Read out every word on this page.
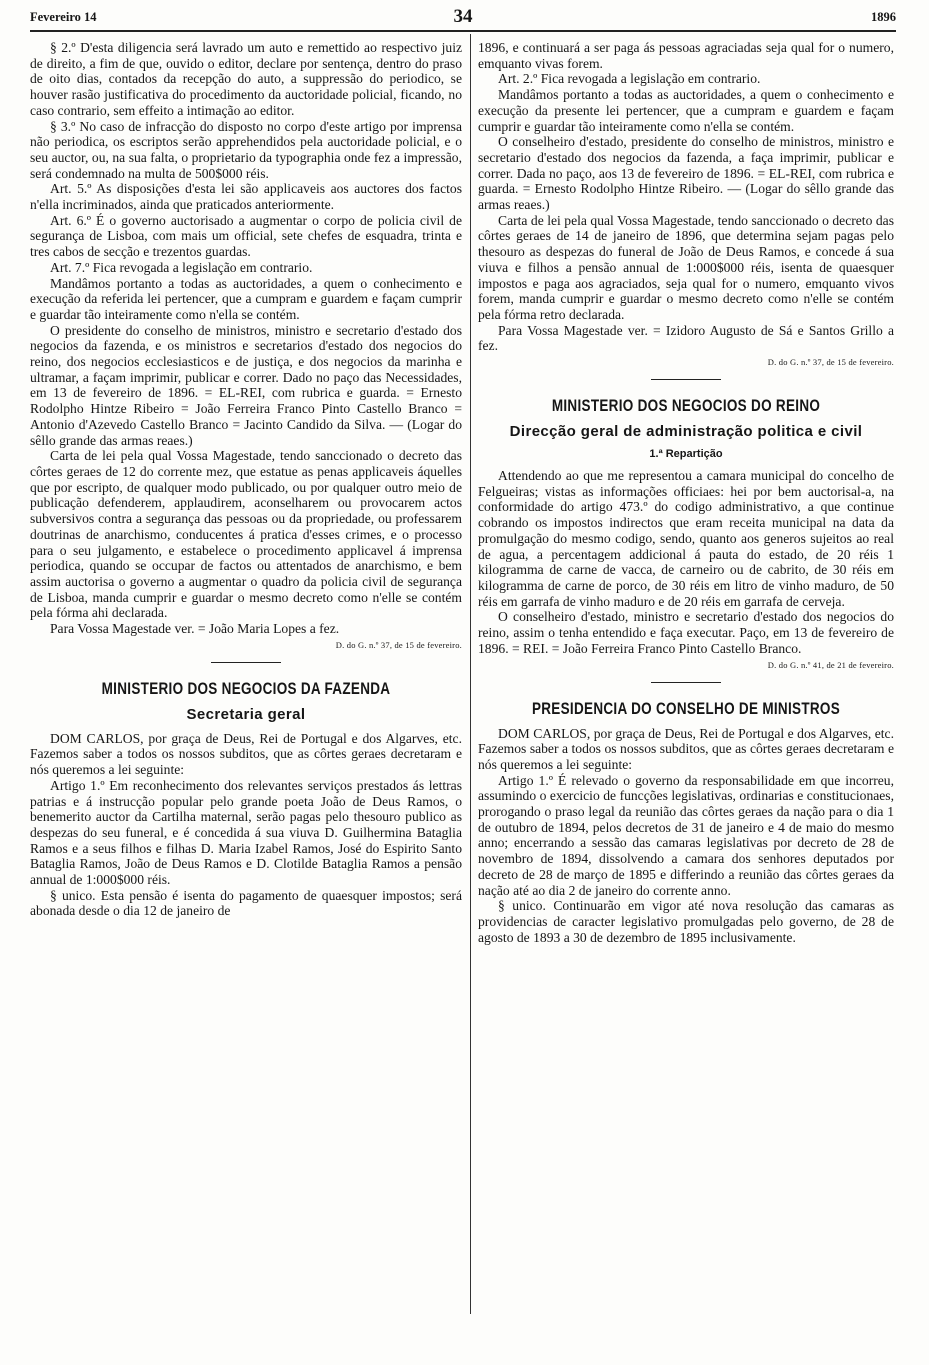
Fevereiro 14	34	1896

§ 2.º D'esta diligencia será lavrado um auto e remettido ao respectivo juiz de direito, a fim de que, ouvido o editor, declare por sentença, dentro do praso de oito dias, contados da recepção do auto, a suppressão do periodico, se houver rasão justificativa do procedimento da auctoridade policial, ficando, no caso contrario, sem effeito a intimação ao editor.

§ 3.º No caso de infracção do disposto no corpo d'este artigo por imprensa não periodica, os escriptos serão apprehendidos pela auctoridade policial, e o seu auctor, ou, na sua falta, o proprietario da typographia onde fez a impressão, será condemnado na multa de 500$000 réis.

Art. 5.º As disposições d'esta lei são applicaveis aos auctores dos factos n'ella incriminados, ainda que praticados anteriormente.

Art. 6.º É o governo auctorisado a augmentar o corpo de policia civil de segurança de Lisboa, com mais um official, sete chefes de esquadra, trinta e tres cabos de secção e trezentos guardas.

Art. 7.º Fica revogada a legislação em contrario.

Mandâmos portanto a todas as auctoridades, a quem o conhecimento e execução da referida lei pertencer, que a cumpram e guardem e façam cumprir e guardar tão inteiramente como n'ella se contém.

O presidente do conselho de ministros, ministro e secretario d'estado dos negocios da fazenda, e os ministros e secretarios d'estado dos negocios do reino, dos negocios ecclesiasticos e de justiça, e dos negocios da marinha e ultramar, a façam imprimir, publicar e correr. Dado no paço das Necessidades, em 13 de fevereiro de 1896. = EL-REI, com rubrica e guarda. = Ernesto Rodolpho Hintze Ribeiro = João Ferreira Franco Pinto Castello Branco = Antonio d'Azevedo Castello Branco = Jacinto Candido da Silva. — (Logar do sêllo grande das armas reaes.)

Carta de lei pela qual Vossa Magestade, tendo sanccionado o decreto das côrtes geraes de 12 do corrente mez, que estatue as penas applicaveis áquelles que por escripto, de qualquer modo publicado, ou por qualquer outro meio de publicação defenderem, applaudirem, aconselharem ou provocarem actos subversivos contra a segurança das pessoas ou da propriedade, ou professarem doutrinas de anarchismo, conducentes á pratica d'esses crimes, e o processo para o seu julgamento, e estabelece o procedimento applicavel á imprensa periodica, quando se occupar de factos ou attentados de anarchismo, e bem assim auctorisa o governo a augmentar o quadro da policia civil de segurança de Lisboa, manda cumprir e guardar o mesmo decreto como n'elle se contém pela fórma ahi declarada.

Para Vossa Magestade ver. = João Maria Lopes a fez.

D. do G. n.º 37, de 15 de fevereiro.
MINISTERIO DOS NEGOCIOS DA FAZENDA
Secretaria geral

DOM CARLOS, por graça de Deus, Rei de Portugal e dos Algarves, etc. Fazemos saber a todos os nossos subditos, que as côrtes geraes decretaram e nós queremos a lei seguinte:

Artigo 1.º Em reconhecimento dos relevantes serviços prestados ás lettras patrias e á instrucção popular pelo grande poeta João de Deus Ramos, o benemerito auctor da Cartilha maternal, serão pagas pelo thesouro publico as despezas do seu funeral, e é concedida á sua viuva D. Guilhermina Bataglia Ramos e a seus filhos e filhas D. Maria Izabel Ramos, José do Espirito Santo Bataglia Ramos, João de Deus Ramos e D. Clotilde Bataglia Ramos a pensão annual de 1:000$000 réis.

§ unico. Esta pensão é isenta do pagamento de quaesquer impostos; será abonada desde o dia 12 de janeiro de

1896, e continuará a ser paga ás pessoas agraciadas seja qual for o numero, emquanto vivas forem.

Art. 2.º Fica revogada a legislação em contrario.

Mandâmos portanto a todas as auctoridades, a quem o conhecimento e execução da presente lei pertencer, que a cumpram e guardem e façam cumprir e guardar tão inteiramente como n'ella se contém.

O conselheiro d'estado, presidente do conselho de ministros, ministro e secretario d'estado dos negocios da fazenda, a faça imprimir, publicar e correr. Dada no paço, aos 13 de fevereiro de 1896. = EL-REI, com rubrica e guarda. = Ernesto Rodolpho Hintze Ribeiro. — (Logar do sêllo grande das armas reaes.)

Carta de lei pela qual Vossa Magestade, tendo sanccionado o decreto das côrtes geraes de 14 de janeiro de 1896, que determina sejam pagas pelo thesouro as despezas do funeral de João de Deus Ramos, e concede á sua viuva e filhos a pensão annual de 1:000$000 réis, isenta de quaesquer impostos e paga aos agraciados, seja qual for o numero, emquanto vivos forem, manda cumprir e guardar o mesmo decreto como n'elle se contém pela fórma retro declarada.

Para Vossa Magestade ver. = Izidoro Augusto de Sá e Santos Grillo a fez.

D. do G. n.º 37, de 15 de fevereiro.
MINISTERIO DOS NEGOCIOS DO REINO
Direcção geral de administração politica e civil
1.ª Repartição

Attendendo ao que me representou a camara municipal do concelho de Felgueiras; vistas as informações officiaes: hei por bem auctorisal-a, na conformidade do artigo 473.º do codigo administrativo, a que continue cobrando os impostos indirectos que eram receita municipal na data da promulgação do mesmo codigo, sendo, quanto aos generos sujeitos ao real de agua, a percentagem addicional á pauta do estado, de 20 réis 1 kilogramma de carne de vacca, de carneiro ou de cabrito, de 30 réis em kilogramma de carne de porco, de 30 réis em litro de vinho maduro, de 50 réis em garrafa de vinho maduro e de 20 réis em garrafa de cerveja.

O conselheiro d'estado, ministro e secretario d'estado dos negocios do reino, assim o tenha entendido e faça executar. Paço, em 13 de fevereiro de 1896. = REI. = João Ferreira Franco Pinto Castello Branco.

D. do G. n.º 41, de 21 de fevereiro.
PRESIDENCIA DO CONSELHO DE MINISTROS

DOM CARLOS, por graça de Deus, Rei de Portugal e dos Algarves, etc. Fazemos saber a todos os nossos subditos, que as côrtes geraes decretaram e nós queremos a lei seguinte:

Artigo 1.º É relevado o governo da responsabilidade em que incorreu, assumindo o exercicio de funcções legislativas, ordinarias e constitucionaes, prorogando o praso legal da reunião das côrtes geraes da nação para o dia 1 de outubro de 1894, pelos decretos de 31 de janeiro e 4 de maio do mesmo anno; encerrando a sessão das camaras legislativas por decreto de 28 de novembro de 1894, dissolvendo a camara dos senhores deputados por decreto de 28 de março de 1895 e differindo a reunião das côrtes geraes da nação até ao dia 2 de janeiro do corrente anno.

§ unico. Continuarão em vigor até nova resolução das camaras as providencias de caracter legislativo promulgadas pelo governo, de 28 de agosto de 1893 a 30 de dezembro de 1895 inclusivamente.
